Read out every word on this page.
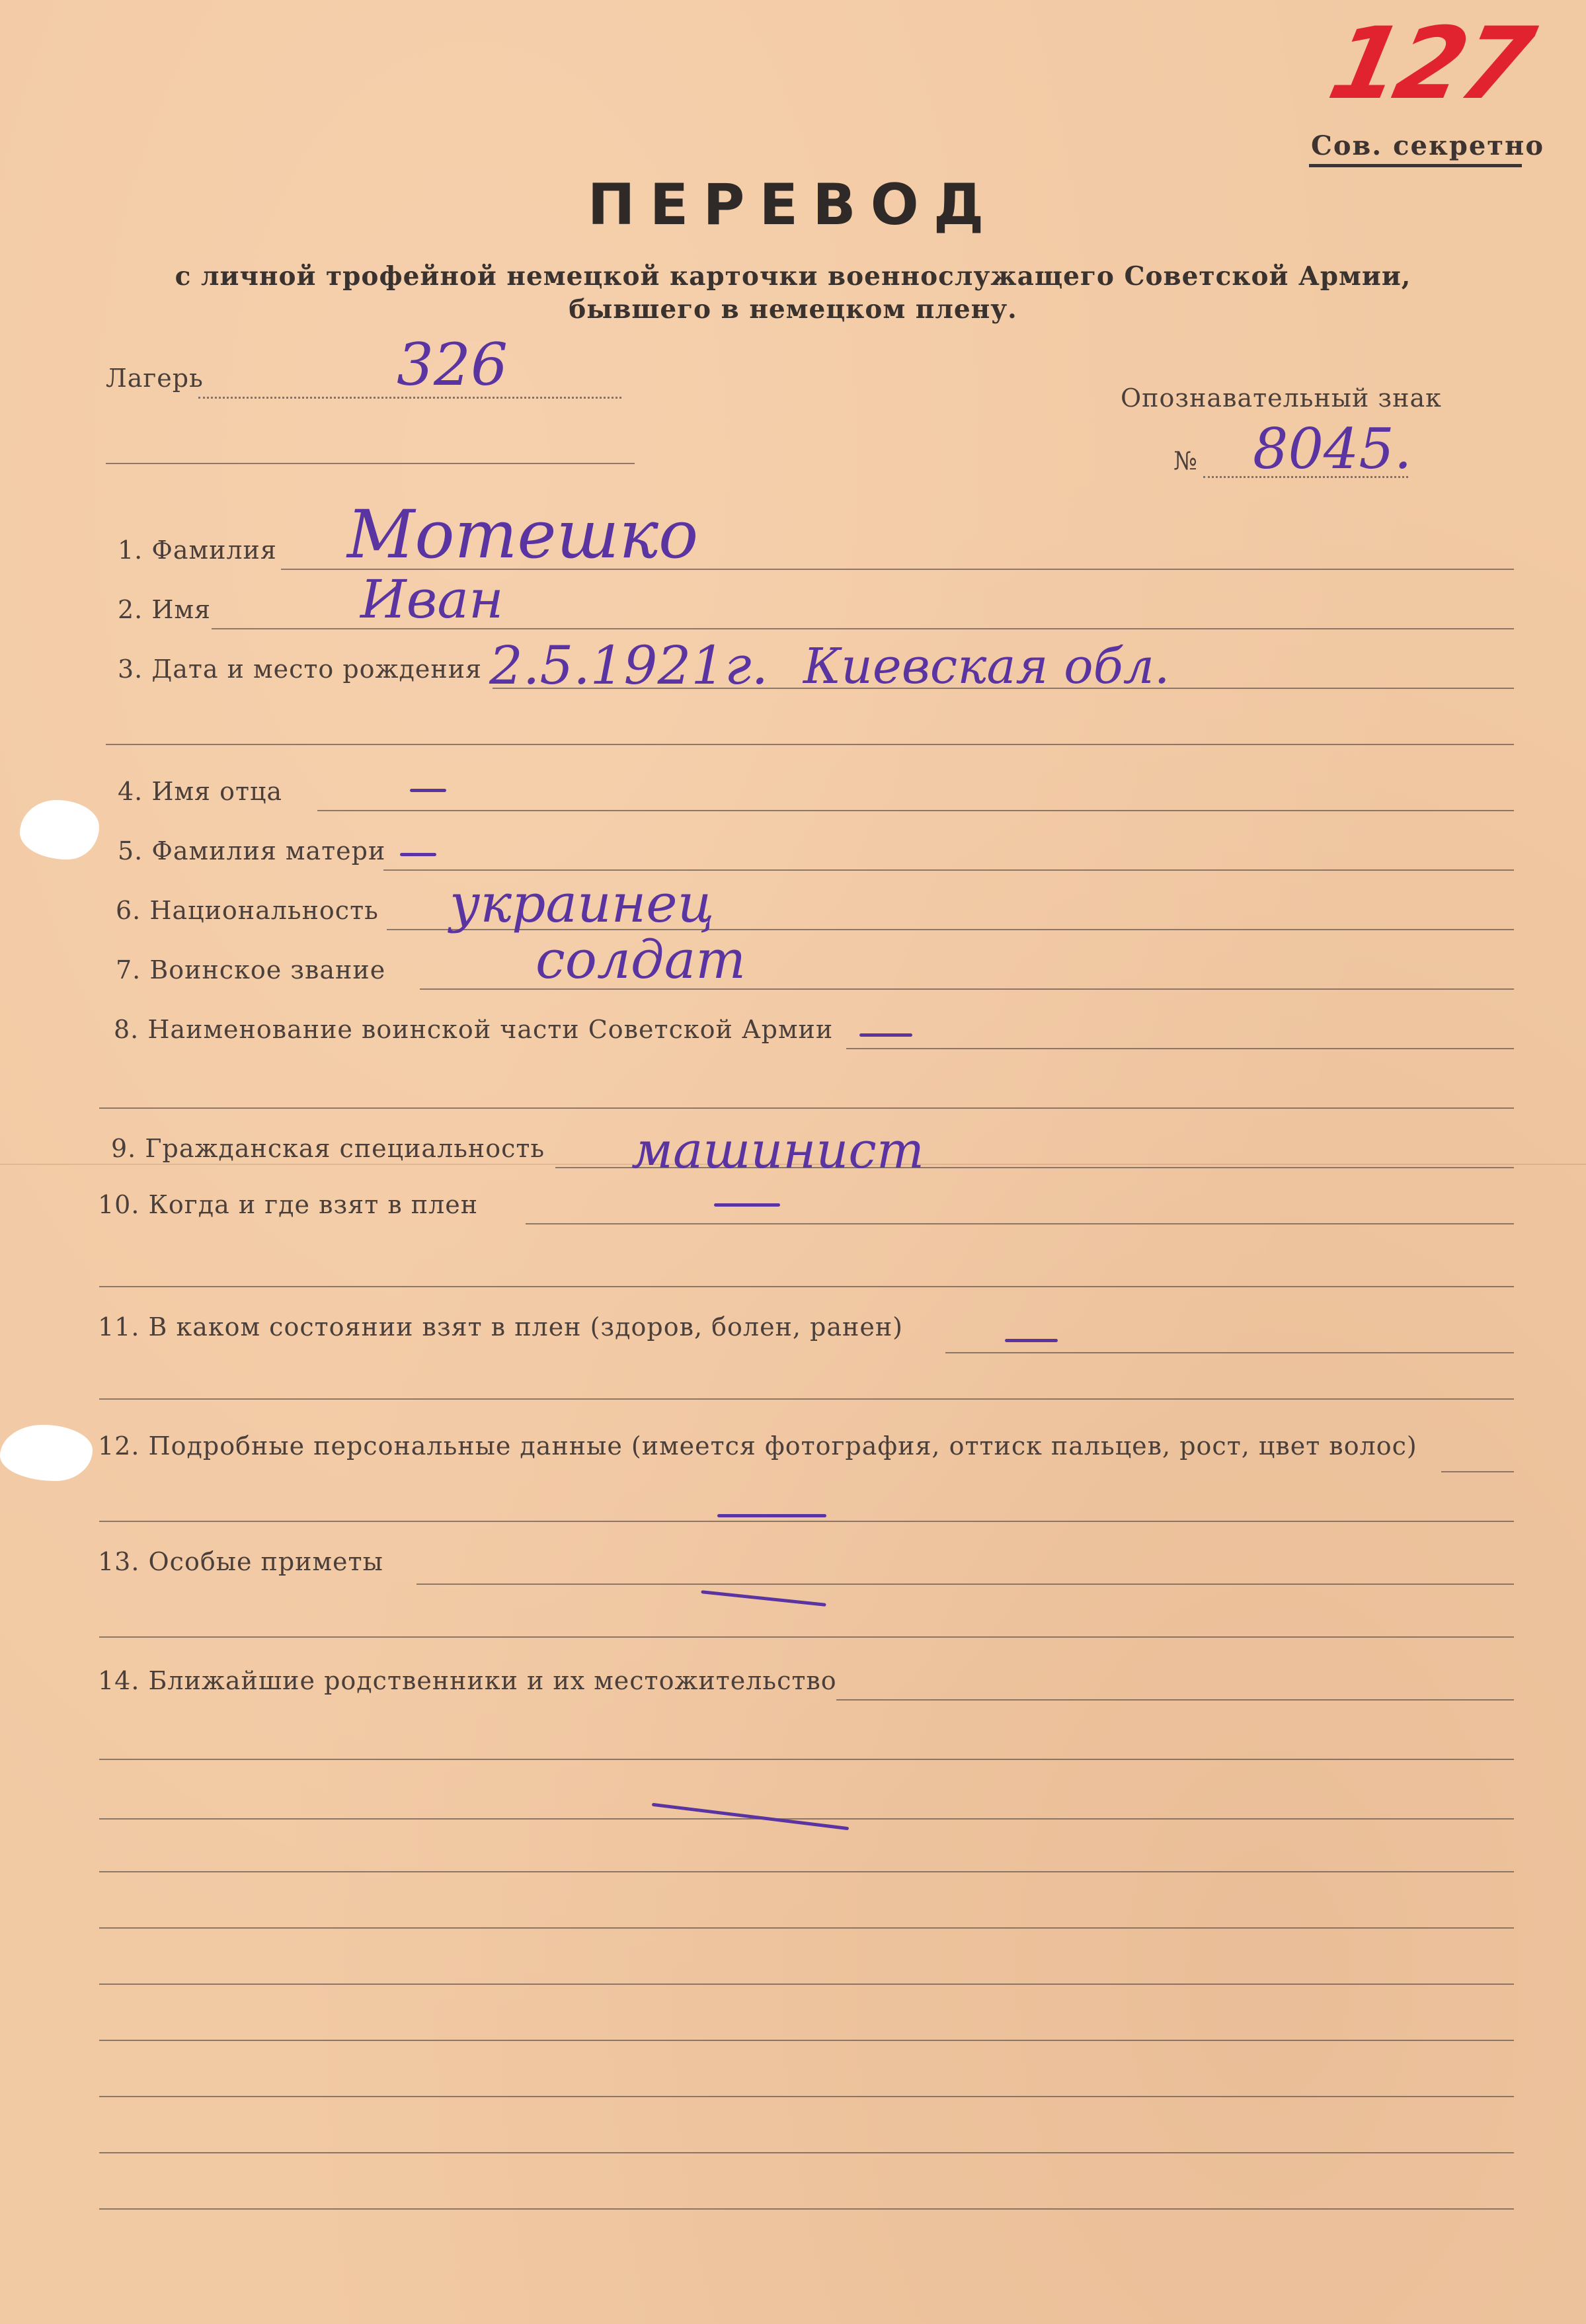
127
Сов. секретно
ПЕРЕВОД
с личной трофейной немецкой карточки военнослужащего Советской Армии,
бывшего в немецком плену.
Лагерь	326	Опознавательный знак
№ 8045.
1. Фамилия Мотешко
2. Имя	Иван
3. Дата и место рождения 2.5.1921г. Киевская обл.
4. Имя отца
5. Фамилия матери
6. Национальность украинец
7. Воинское звание	солдат
8. Наименование воинской части Советской Армии
9. Гражданская специальность машинист
10. Когда и где взят в плен
11. В каком состоянии взят в плен (здоров, болен, ранен)
12. Подробные персональные данные (имеется фотография, оттиск пальцев, рост, цвет волос)
13. Особые приметы
14. Ближайшие родственники и их местожительство
